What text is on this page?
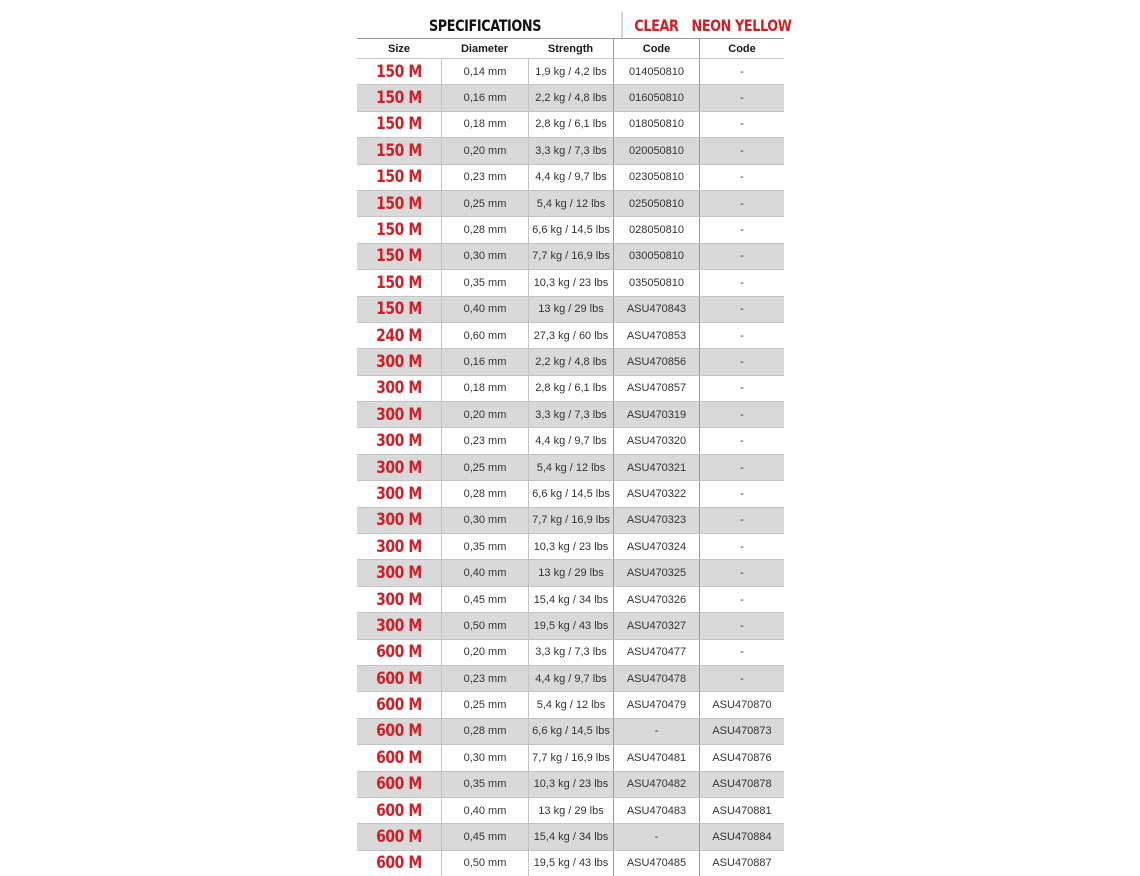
SPECIFICATIONS	CLEAR NEON YELLOW
Size	Diameter	Strength	Code	Code
150 M	0,14 mm	1,9 kg / 4,2 lbs	014050810	-
150 M	0,16 mm	2,2 kg / 4,8 lbs	016050810	-
150 M	0,18 mm	2,8 kg / 6,1 lbs	018050810	-
150 M	0,20 mm	3,3 kg / 7,3 lbs	020050810	-
150 M	0,23 mm	4,4 kg / 9,7 lbs	023050810	-
150 M	0,25 mm	5,4 kg / 12 lbs	025050810	-
150 M	0,28 mm	6,6 kg / 14,5 lbs	028050810	-
150 M	0,30 mm	7,7 kg / 16,9 lbs	030050810	-
150 M	0,35 mm	10,3 kg / 23 lbs	035050810	-
150 M	0,40 mm	13 kg / 29 lbs	ASU470843	-
240 M	0,60 mm	27,3 kg / 60 lbs	ASU470853	-
300 M	0,16 mm	2,2 kg / 4,8 lbs	ASU470856	-
300 M	0,18 mm	2,8 kg / 6,1 lbs	ASU470857	-
300 M	0,20 mm	3,3 kg / 7,3 lbs	ASU470319	-
300 M	0,23 mm	4,4 kg / 9,7 lbs	ASU470320	-
300 M	0,25 mm	5,4 kg / 12 lbs	ASU470321	-
300 M	0,28 mm	6,6 kg / 14,5 lbs	ASU470322	-
300 M	0,30 mm	7,7 kg / 16,9 lbs	ASU470323	-
300 M	0,35 mm	10,3 kg / 23 lbs	ASU470324	-
300 M	0,40 mm	13 kg / 29 lbs	ASU470325	-
300 M	0,45 mm	15,4 kg / 34 lbs	ASU470326	-
300 M	0,50 mm	19,5 kg / 43 lbs	ASU470327	-
600 M	0,20 mm	3,3 kg / 7,3 lbs	ASU470477	-
600 M	0,23 mm	4,4 kg / 9,7 lbs	ASU470478	-
600 M	0,25 mm	5,4 kg / 12 lbs	ASU470479	ASU470870
600 M	0,28 mm	6,6 kg / 14,5 lbs	-	ASU470873
600 M	0,30 mm	7,7 kg / 16,9 lbs	ASU470481	ASU470876
600 M	0,35 mm	10,3 kg / 23 lbs	ASU470482	ASU470878
600 M	0,40 mm	13 kg / 29 lbs	ASU470483	ASU470881
600 M	0,45 mm	15,4 kg / 34 lbs	-	ASU470884
600 M	0,50 mm	19,5 kg / 43 lbs	ASU470485	ASU470887
